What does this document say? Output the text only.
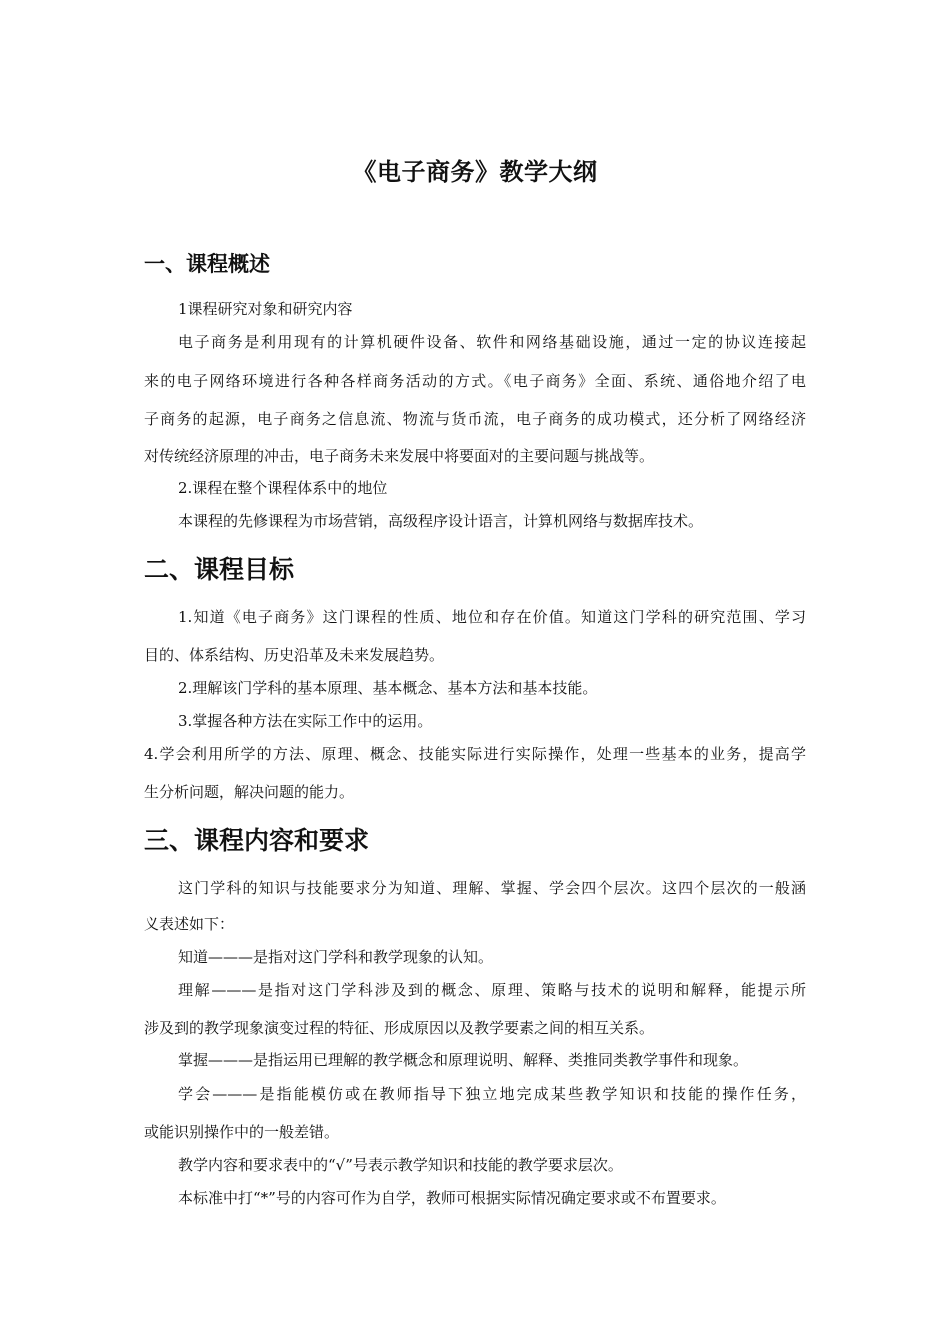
《电子商务》教学大纲
一、课程概述
1课程研究对象和研究内容
电子商务是利用现有的计算机硬件设备、软件和网络基础设施，通过一定的协议连接起
来的电子网络环境进行各种各样商务活动的方式。《电子商务》全面、系统、通俗地介绍了电
子商务的起源，电子商务之信息流、物流与货币流，电子商务的成功模式，还分析了网络经济
对传统经济原理的冲击，电子商务未来发展中将要面对的主要问题与挑战等。
2.课程在整个课程体系中的地位
本课程的先修课程为市场营销，高级程序设计语言，计算机网络与数据库技术。
二、课程目标
1.知道《电子商务》这门课程的性质、地位和存在价值。知道这门学科的研究范围、学习
目的、体系结构、历史沿革及未来发展趋势。
2.理解该门学科的基本原理、基本概念、基本方法和基本技能。
3.掌握各种方法在实际工作中的运用。
4.学会利用所学的方法、原理、概念、技能实际进行实际操作，处理一些基本的业务，提高学
生分析问题，解决问题的能力。
三、课程内容和要求
这门学科的知识与技能要求分为知道、理解、掌握、学会四个层次。这四个层次的一般涵
义表述如下：
知道———是指对这门学科和教学现象的认知。
理解———是指对这门学科涉及到的概念、原理、策略与技术的说明和解释，能提示所
涉及到的教学现象演变过程的特征、形成原因以及教学要素之间的相互关系。
掌握———是指运用已理解的教学概念和原理说明、解释、类推同类教学事件和现象。
学会———是指能模仿或在教师指导下独立地完成某些教学知识和技能的操作任务，
或能识别操作中的一般差错。
教学内容和要求表中的“√”号表示教学知识和技能的教学要求层次。
本标准中打“*”号的内容可作为自学，教师可根据实际情况确定要求或不布置要求。
